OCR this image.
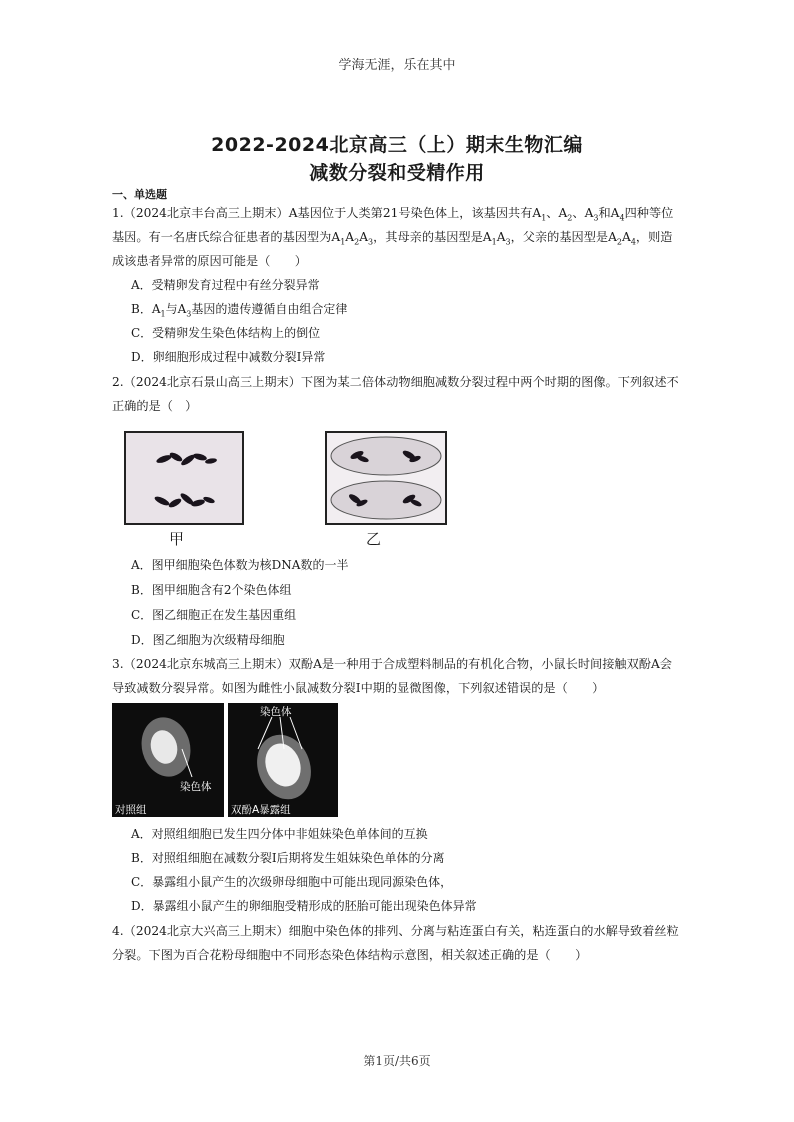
学海无涯，乐在其中
2022-2024北京高三（上）期末生物汇编
减数分裂和受精作用
一、单选题
1.（2024北京丰台高三上期末）A基因位于人类第21号染色体上，该基因共有$A_1$、$A_2$、$A_3$和$A_4$四种等位
基因。有一名唐氏综合征患者的基因型为$A_1A_2A_3$，其母亲的基因型是$A_1A_3$，父亲的基因型是$A_2A_4$，则造
成该患者异常的原因可能是（　　）
A．受精卵发育过程中有丝分裂异常
B．$A_1$与$A_3$基因的遗传遵循自由组合定律
C．受精卵发生染色体结构上的倒位
D．卵细胞形成过程中减数分裂Ⅰ异常
2.（2024北京石景山高三上期末）下图为某二倍体动物细胞减数分裂过程中两个时期的图像。下列叙述不
正确的是（　）
甲	乙
A．图甲细胞染色体数为核DNA数的一半
B．图甲细胞含有2个染色体组
C．图乙细胞正在发生基因重组
D．图乙细胞为次级精母细胞
3.（2024北京东城高三上期末）双酚A是一种用于合成塑料制品的有机化合物，小鼠长时间接触双酚A会
导致减数分裂异常。如图为雌性小鼠减数分裂Ⅰ中期的显微图像，下列叙述错误的是（　　）
染色体
对照组
染色体
双酚A暴露组
A．对照组细胞已发生四分体中非姐妹染色单体间的互换
B．对照组细胞在减数分裂Ⅰ后期将发生姐妹染色单体的分离
C．暴露组小鼠产生的次级卵母细胞中可能出现同源染色体，
D．暴露组小鼠产生的卵细胞受精形成的胚胎可能出现染色体异常
4.（2024北京大兴高三上期末）细胞中染色体的排列、分离与粘连蛋白有关，粘连蛋白的水解导致着丝粒
分裂。下图为百合花粉母细胞中不同形态染色体结构示意图，相关叙述正确的是（　　）
第1页/共6页
